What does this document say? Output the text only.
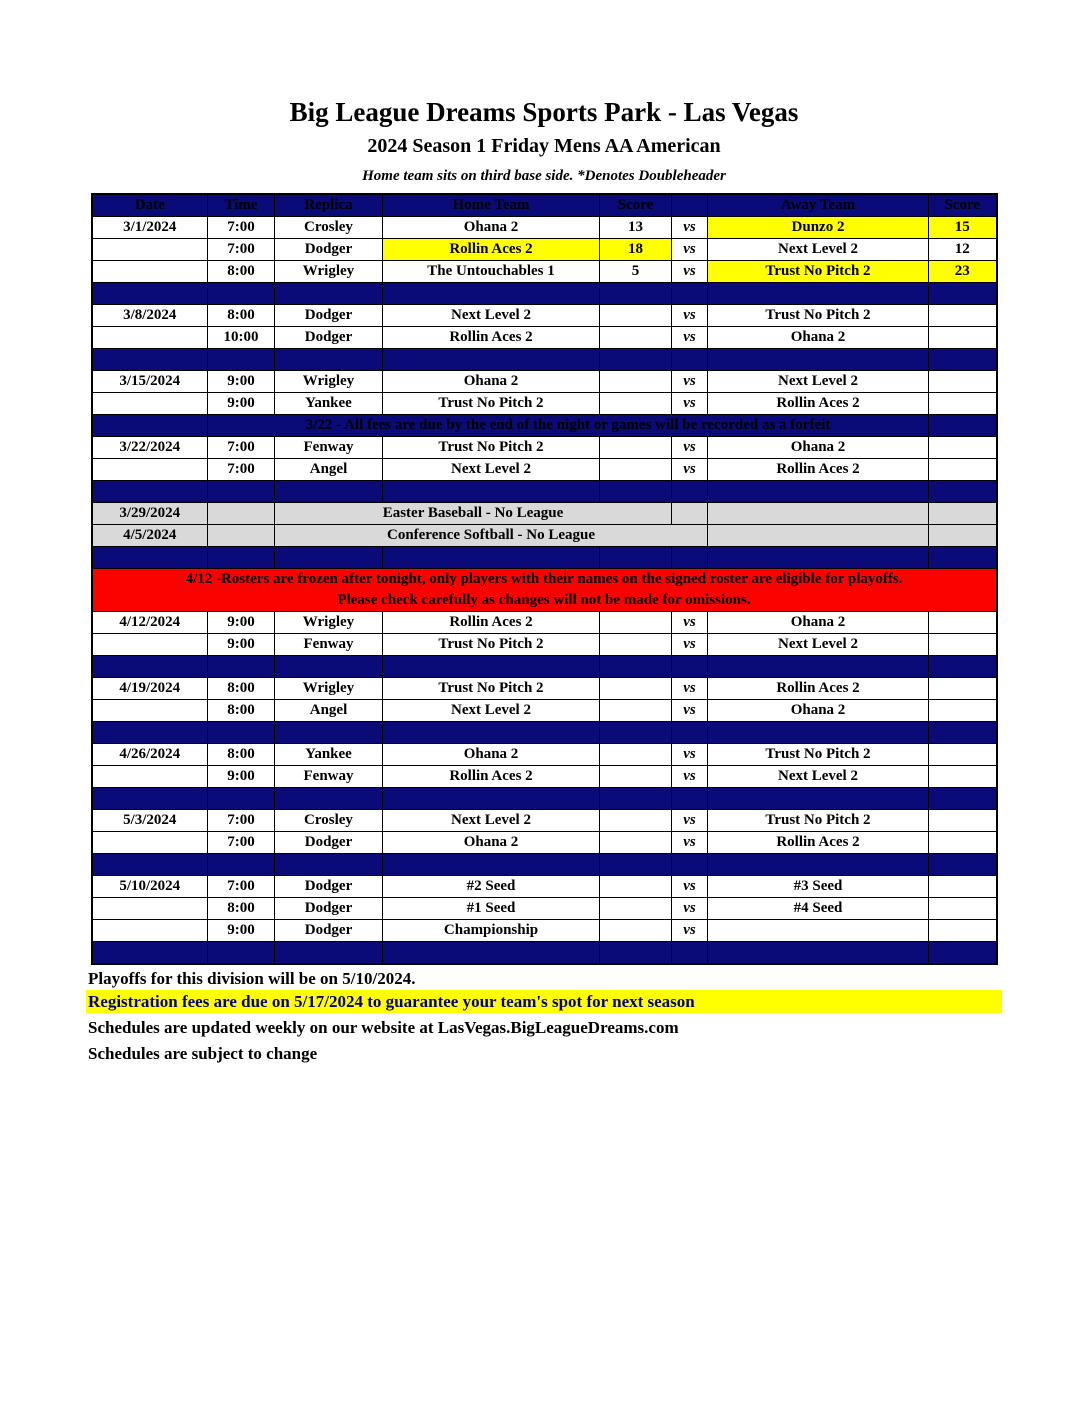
Big League Dreams Sports Park - Las Vegas
2024 Season 1 Friday Mens AA American
Home team sits on third base side. *Denotes Doubleheader
Date	Time	Replica	Home Team	Score		Away Team	Score
3/1/2024	7:00	Crosley	Ohana 2	13	vs	Dunzo 2	15
	7:00	Dodger	Rollin Aces 2	18	vs	Next Level 2	12
	8:00	Wrigley	The Untouchables 1	5	vs	Trust No Pitch 2	23

3/8/2024	8:00	Dodger	Next Level 2		vs	Trust No Pitch 2	
	10:00	Dodger	Rollin Aces 2		vs	Ohana 2	

3/15/2024	9:00	Wrigley	Ohana 2		vs	Next Level 2	
	9:00	Yankee	Trust No Pitch 2		vs	Rollin Aces 2	
	3/22 - All fees are due by the end of the night or games will be recorded as a forfeit						
3/22/2024	7:00	Fenway	Trust No Pitch 2		vs	Ohana 2	
	7:00	Angel	Next Level 2		vs	Rollin Aces 2	

3/29/2024		Easter Baseball - No League					
4/5/2024		Conference Softball - No League					

4/12 -Rosters are frozen after tonight, only players with their names on the signed roster are eligible for playoffs.
Please check carefully as changes will not be made for omissions.							

4/12/2024	9:00	Wrigley	Rollin Aces 2		vs	Ohana 2	
	9:00	Fenway	Trust No Pitch 2		vs	Next Level 2	

4/19/2024	8:00	Wrigley	Trust No Pitch 2		vs	Rollin Aces 2	
	8:00	Angel	Next Level 2		vs	Ohana 2	

4/26/2024	8:00	Yankee	Ohana 2		vs	Trust No Pitch 2	
	9:00	Fenway	Rollin Aces 2		vs	Next Level 2	

5/3/2024	7:00	Crosley	Next Level 2		vs	Trust No Pitch 2	
	7:00	Dodger	Ohana 2		vs	Rollin Aces 2	

5/10/2024	7:00	Dodger	#2 Seed		vs	#3 Seed	
	8:00	Dodger	#1 Seed		vs	#4 Seed	
	9:00	Dodger	Championship		vs		

Playoffs for this division will be on 5/10/2024.
Registration fees are due on 5/17/2024 to guarantee your team's spot for next season
Schedules are updated weekly on our website at LasVegas.BigLeagueDreams.com
Schedules are subject to change
